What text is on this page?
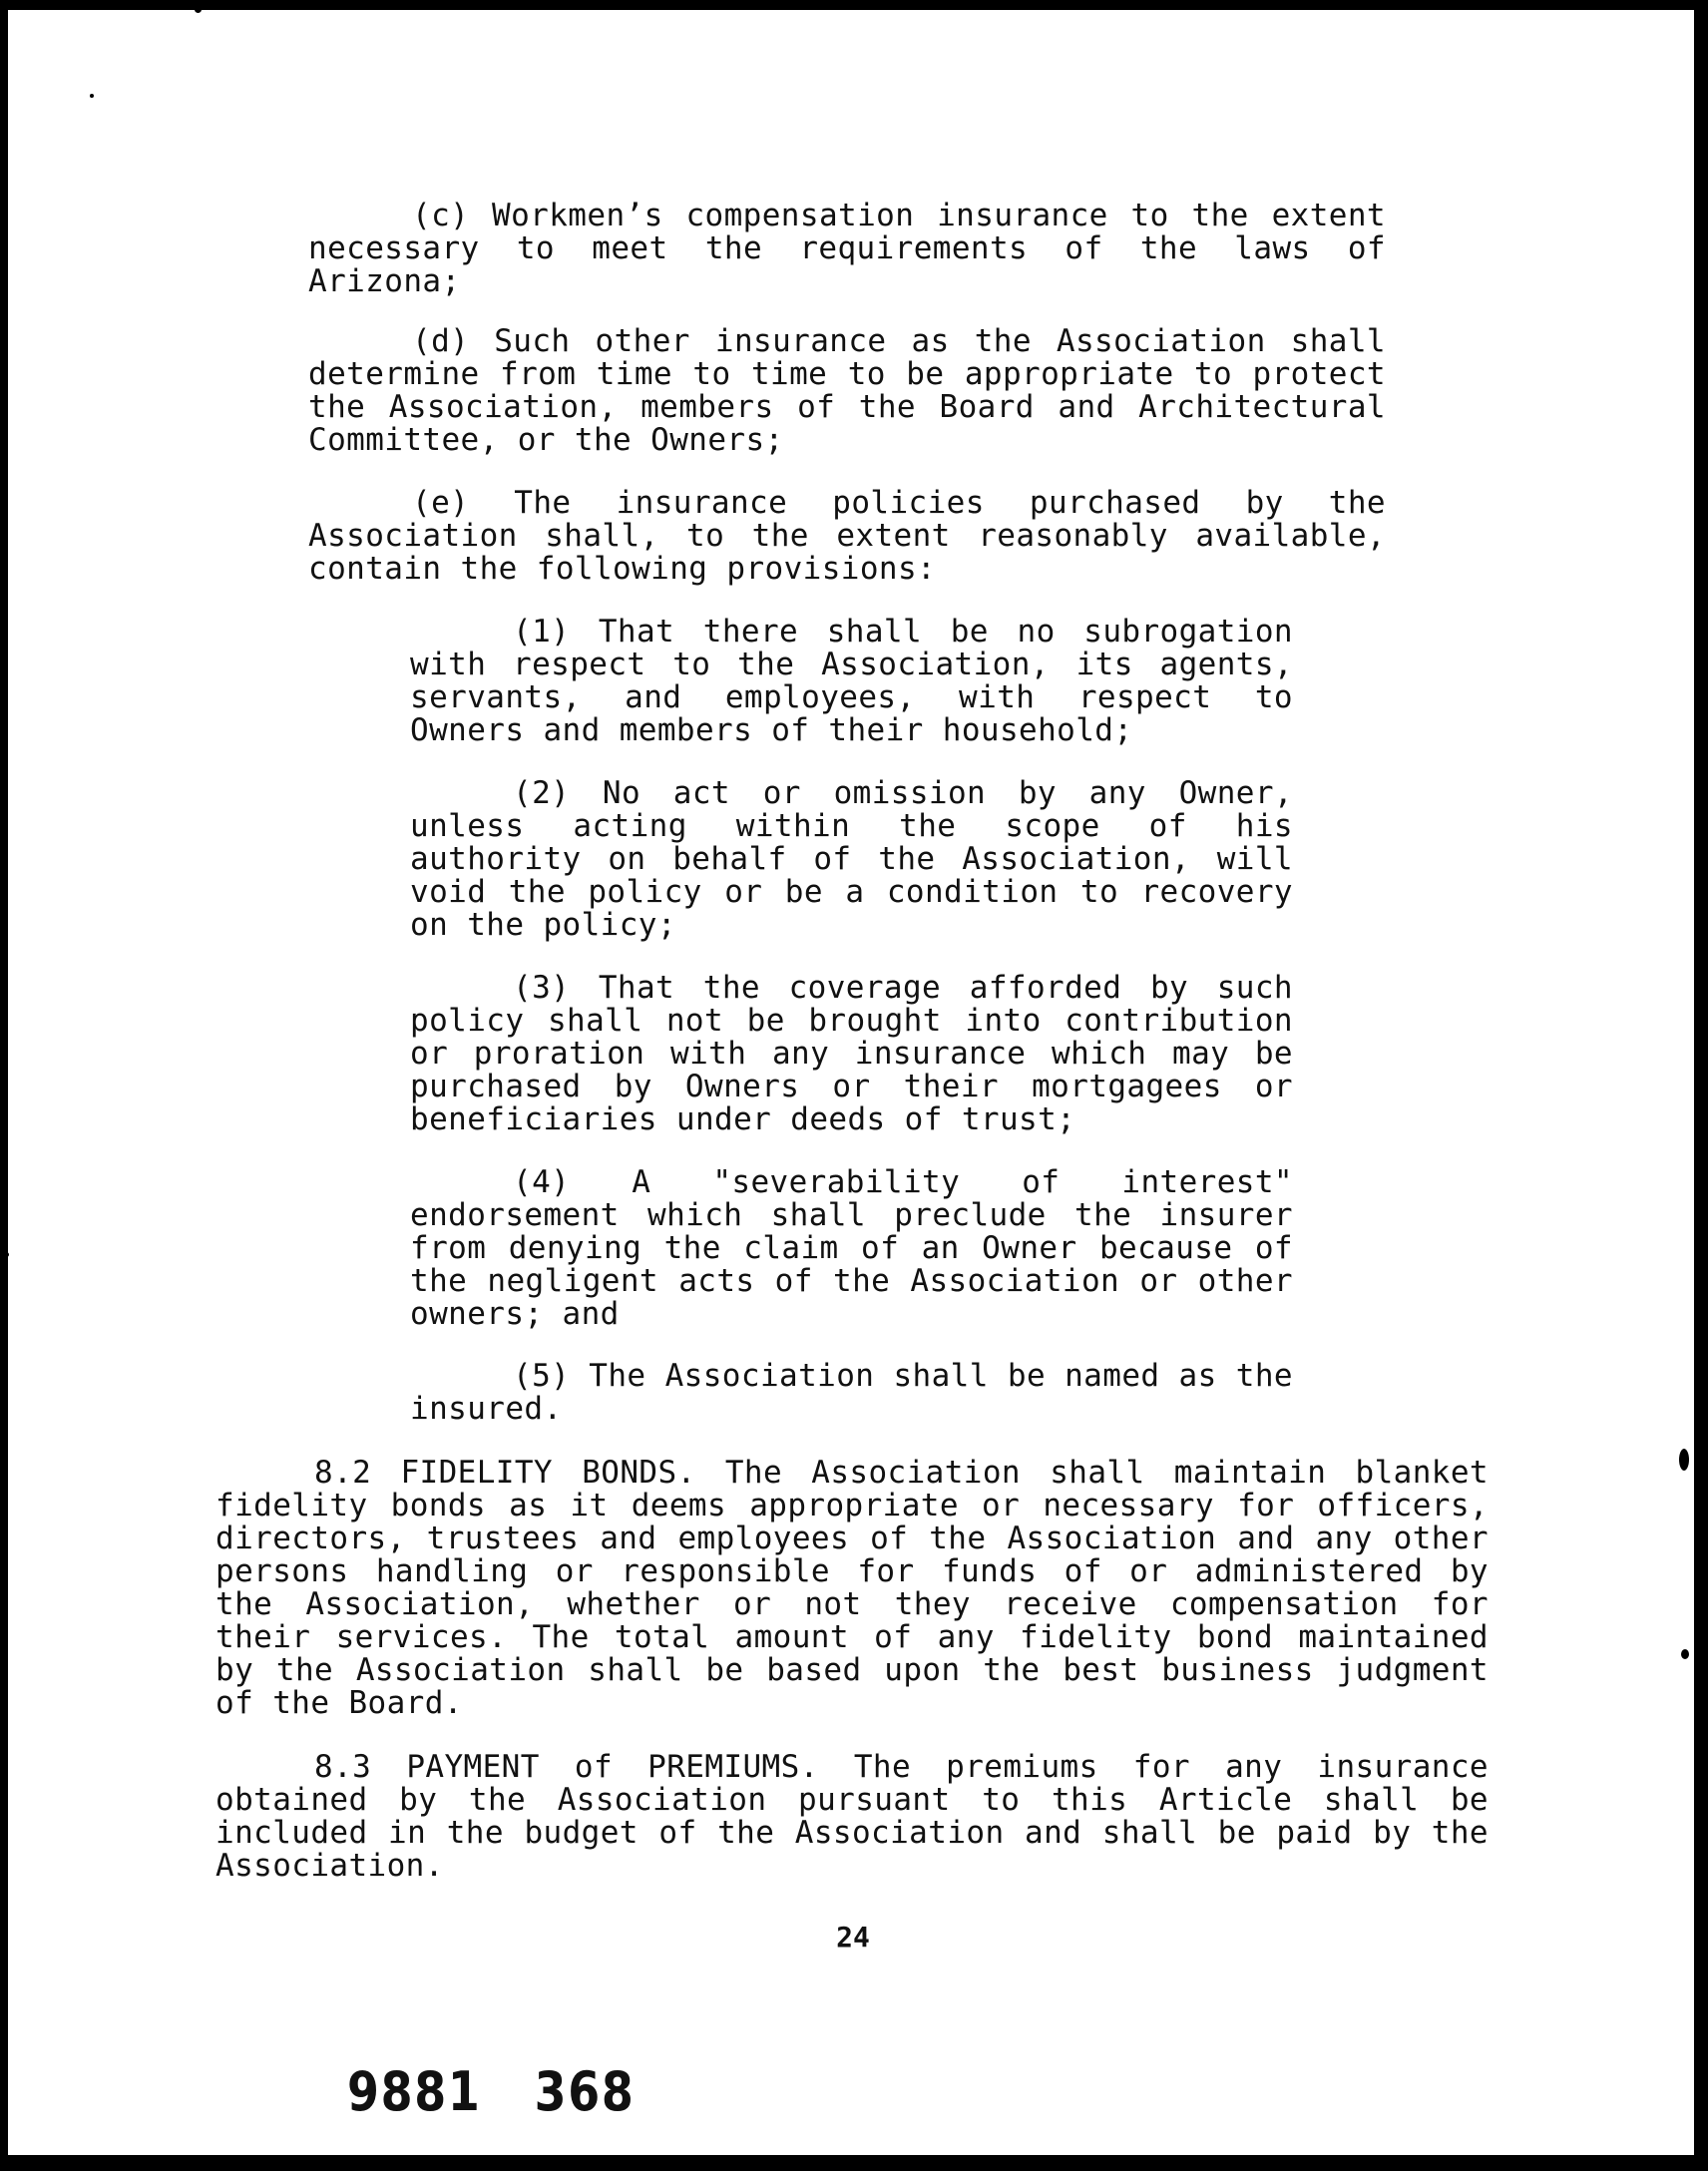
(c) Workmen’s compensation insurance to the extent necessary to meet the requirements of the laws of Arizona;

(d) Such other insurance as the Association shall determine from time to time to be appropriate to protect the Association, members of the Board and Architectural Committee, or the Owners;

(e) The insurance policies purchased by the Association shall, to the extent reasonably available, contain the following provisions:

(1) That there shall be no subrogation with respect to the Association, its agents, servants, and employees, with respect to Owners and members of their household;

(2) No act or omission by any Owner, unless acting within the scope of his authority on behalf of the Association, will void the policy or be a condition to recovery on the policy;

(3) That the coverage afforded by such policy shall not be brought into contribution or proration with any insurance which may be purchased by Owners or their mortgagees or beneficiaries under deeds of trust;

(4) A "severability of interest" endorsement which shall preclude the insurer from denying the claim of an Owner because of the negligent acts of the Association or other owners; and

(5) The Association shall be named as the insured.

8.2 FIDELITY BONDS. The Association shall maintain blanket fidelity bonds as it deems appropriate or necessary for officers, directors, trustees and employees of the Association and any other persons handling or responsible for funds of or administered by the Association, whether or not they receive compensation for their services. The total amount of any fidelity bond maintained by the Association shall be based upon the best business judgment of the Board.

8.3 PAYMENT of PREMIUMS. The premiums for any insurance obtained by the Association pursuant to this Article shall be included in the budget of the Association and shall be paid by the Association.

24
9881   368
